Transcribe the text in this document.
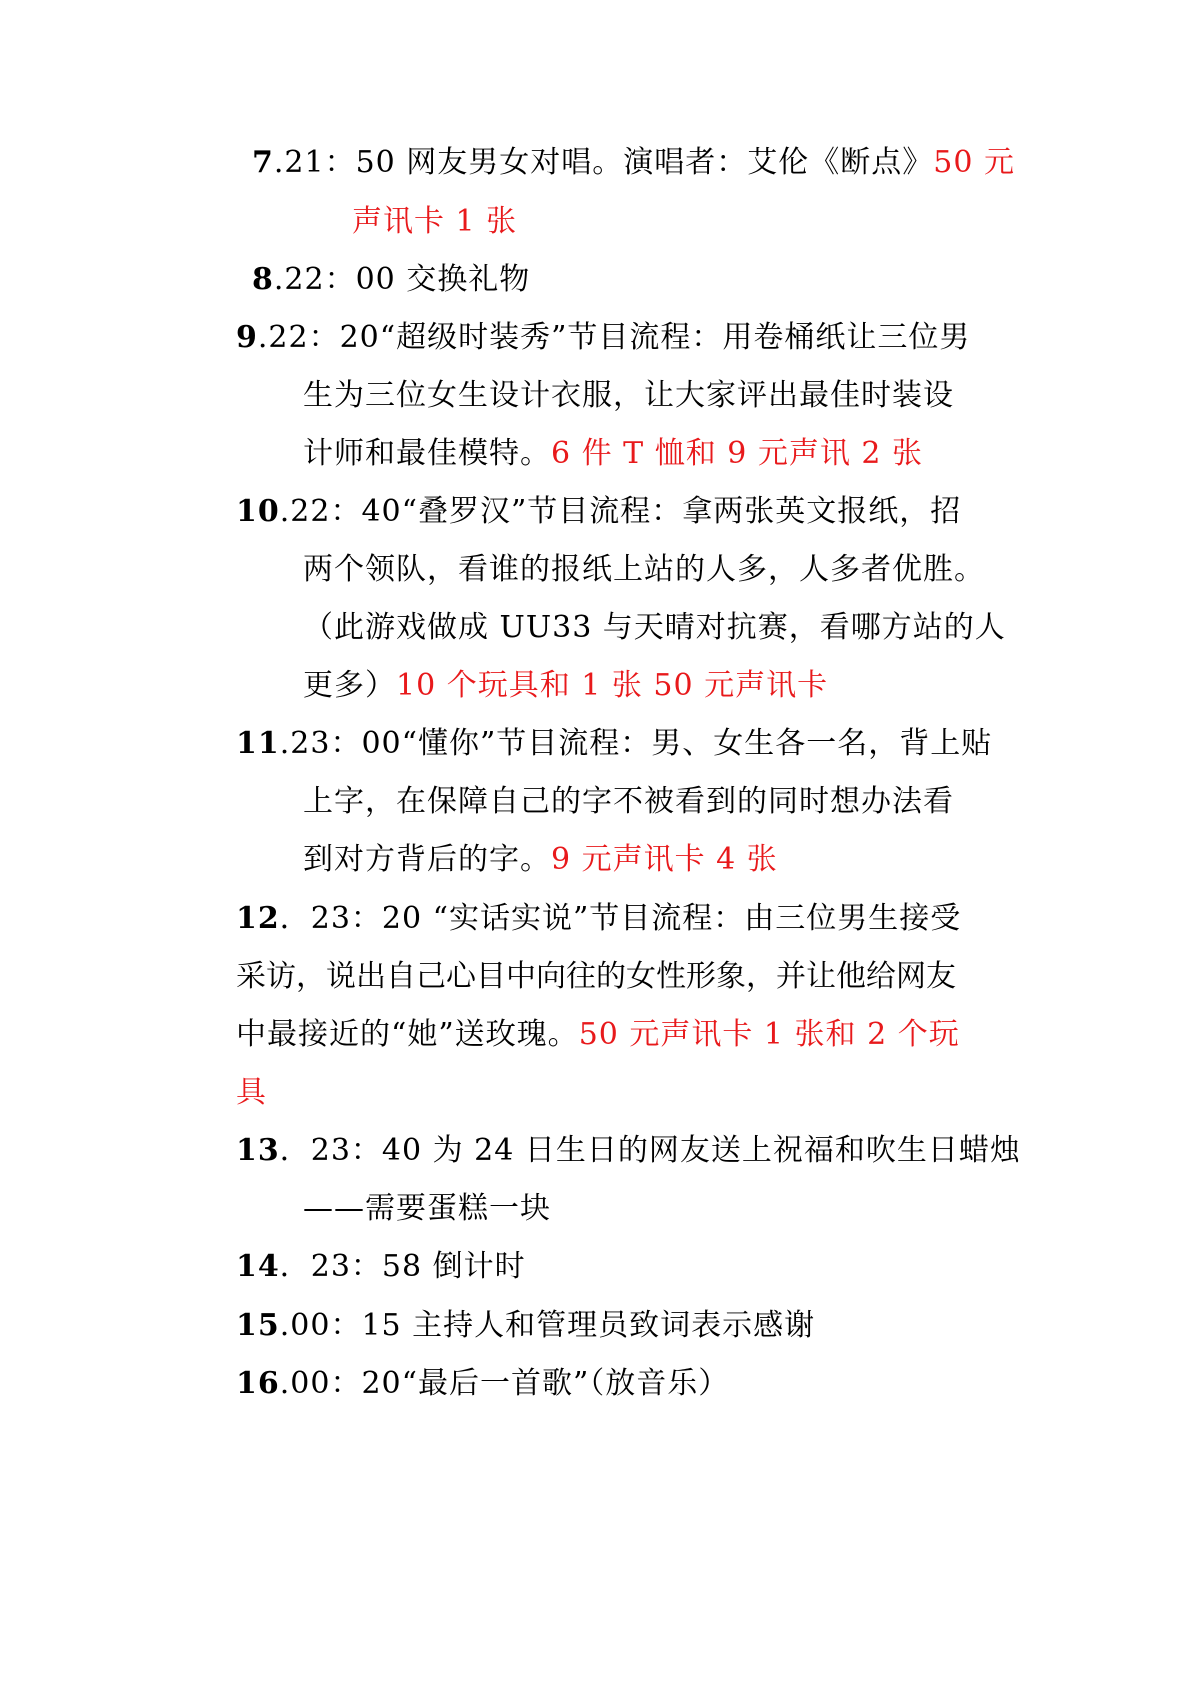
7.21：50 网友男女对唱。演唱者：艾伦《断点》50 元
声讯卡 1 张
8.22：00 交换礼物
9.22：20“超级时装秀”节目流程：用卷桶纸让三位男
生为三位女生设计衣服，让大家评出最佳时装设
计师和最佳模特。6 件 T 恤和 9 元声讯 2 张
10.22：40“叠罗汉”节目流程：拿两张英文报纸，招
两个领队，看谁的报纸上站的人多，人多者优胜。
（此游戏做成 UU33 与天晴对抗赛，看哪方站的人
更多）10 个玩具和 1 张 50 元声讯卡
11.23：00“懂你”节目流程：男、女生各一名，背上贴
上字，在保障自己的字不被看到的同时想办法看
到对方背后的字。9 元声讯卡 4 张
12．23：20 “实话实说”节目流程：由三位男生接受
采访，说出自己心目中向往的女性形象，并让他给网友
中最接近的“她”送玫瑰。50 元声讯卡 1 张和 2 个玩
具
13．23：40 为 24 日生日的网友送上祝福和吹生日蜡烛
——需要蛋糕一块
14．23：58 倒计时
15.00：15 主持人和管理员致词表示感谢
16.00：20“最后一首歌”（放音乐）
